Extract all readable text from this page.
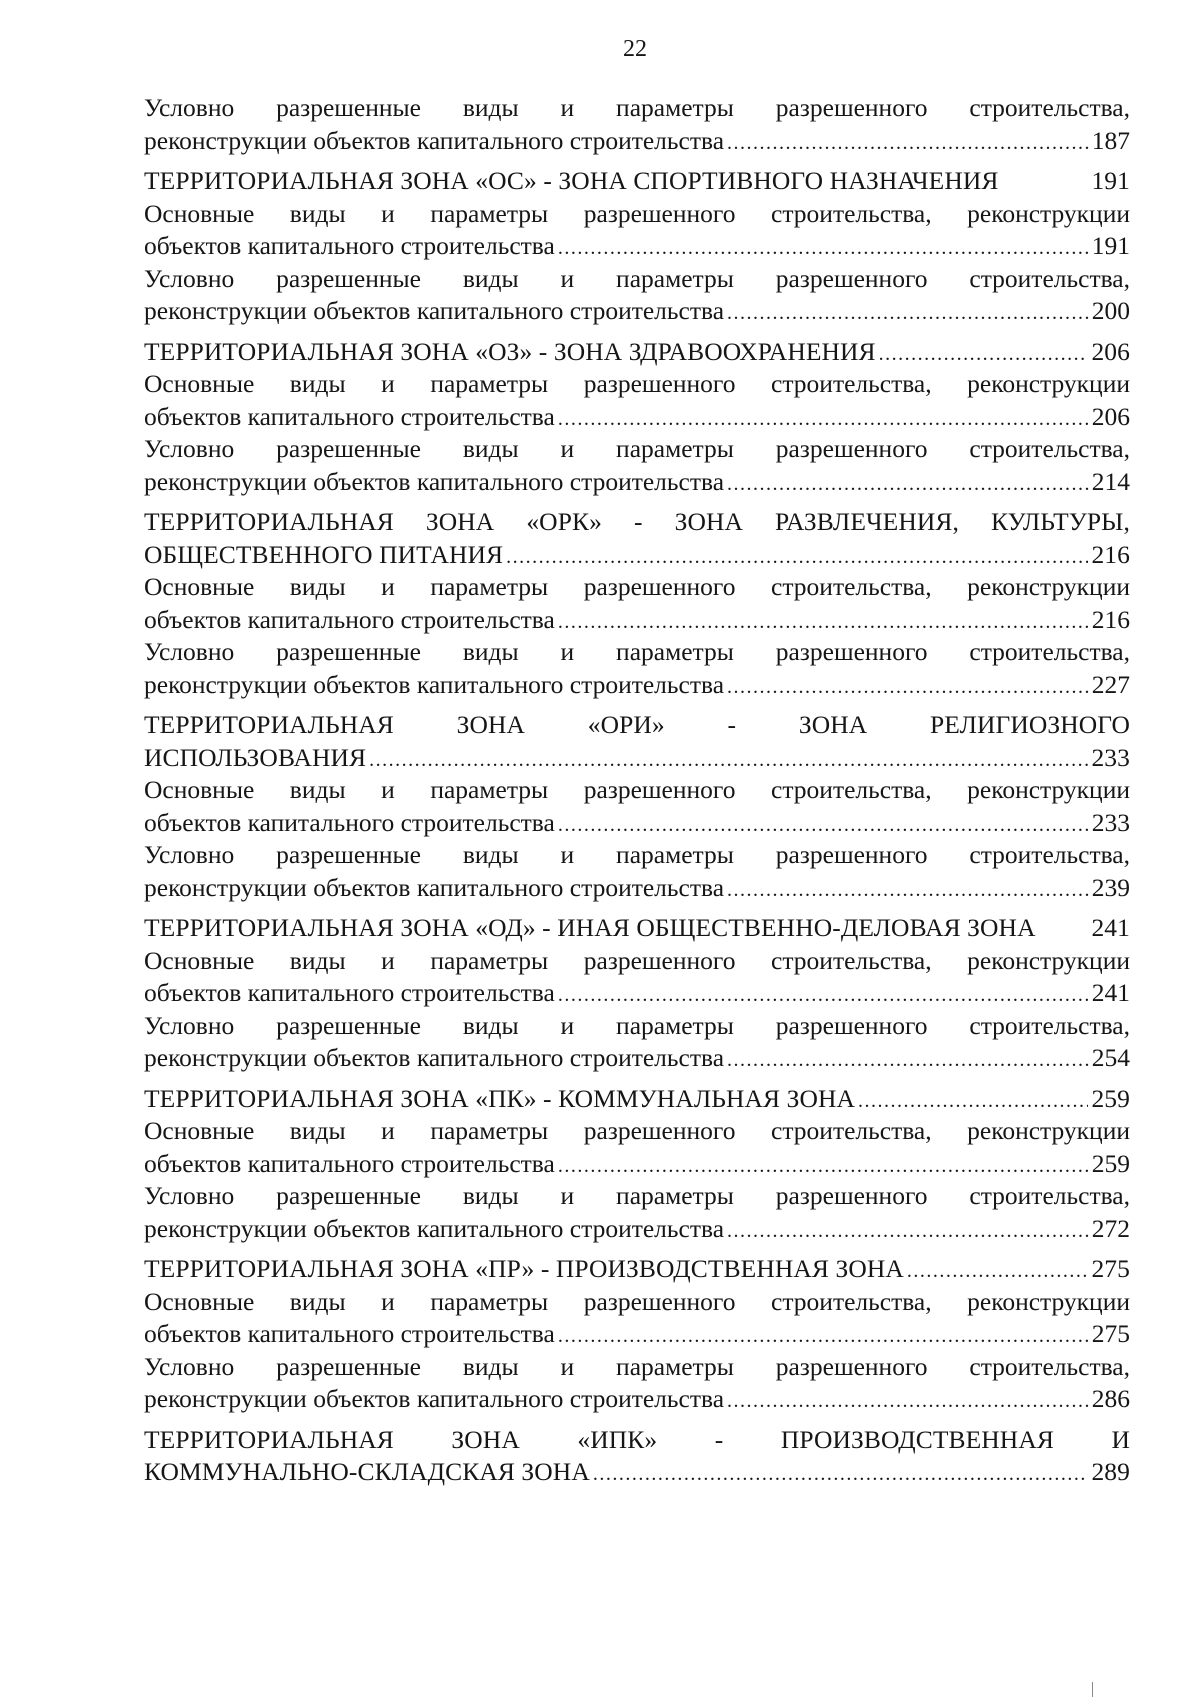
22
Условно разрешенные виды и параметры разрешенного строительства,
реконструкции объектов капитального строительства .....	187
ТЕРРИТОРИАЛЬНАЯ ЗОНА «ОС» - ЗОНА СПОРТИВНОГО НАЗНАЧЕНИЯ	191
Основные виды и параметры разрешенного строительства, реконструкции
объектов капитального строительства .....	191
Условно разрешенные виды и параметры разрешенного строительства,
реконструкции объектов капитального строительства .....	200
ТЕРРИТОРИАЛЬНАЯ ЗОНА «ОЗ» - ЗОНА ЗДРАВООХРАНЕНИЯ .....	206
Основные виды и параметры разрешенного строительства, реконструкции
объектов капитального строительства .....	206
Условно разрешенные виды и параметры разрешенного строительства,
реконструкции объектов капитального строительства .....	214
ТЕРРИТОРИАЛЬНАЯ ЗОНА «ОРК» - ЗОНА РАЗВЛЕЧЕНИЯ, КУЛЬТУРЫ,
ОБЩЕСТВЕННОГО ПИТАНИЯ .....	216
Основные виды и параметры разрешенного строительства, реконструкции
объектов капитального строительства .....	216
Условно разрешенные виды и параметры разрешенного строительства,
реконструкции объектов капитального строительства .....	227
ТЕРРИТОРИАЛЬНАЯ ЗОНА «ОРИ» - ЗОНА РЕЛИГИОЗНОГО
ИСПОЛЬЗОВАНИЯ .....	233
Основные виды и параметры разрешенного строительства, реконструкции
объектов капитального строительства .....	233
Условно разрешенные виды и параметры разрешенного строительства,
реконструкции объектов капитального строительства .....	239
ТЕРРИТОРИАЛЬНАЯ ЗОНА «ОД» - ИНАЯ ОБЩЕСТВЕННО-ДЕЛОВАЯ ЗОНА 241
Основные виды и параметры разрешенного строительства, реконструкции
объектов капитального строительства .....	241
Условно разрешенные виды и параметры разрешенного строительства,
реконструкции объектов капитального строительства .....	254
ТЕРРИТОРИАЛЬНАЯ ЗОНА «ПК» - КОММУНАЛЬНАЯ ЗОНА .....	259
Основные виды и параметры разрешенного строительства, реконструкции
объектов капитального строительства .....	259
Условно разрешенные виды и параметры разрешенного строительства,
реконструкции объектов капитального строительства .....	272
ТЕРРИТОРИАЛЬНАЯ ЗОНА «ПР» - ПРОИЗВОДСТВЕННАЯ ЗОНА .....	275
Основные виды и параметры разрешенного строительства, реконструкции
объектов капитального строительства .....	275
Условно разрешенные виды и параметры разрешенного строительства,
реконструкции объектов капитального строительства .....	286
ТЕРРИТОРИАЛЬНАЯ ЗОНА «ИПК» - ПРОИЗВОДСТВЕННАЯ И
КОММУНАЛЬНО-СКЛАДСКАЯ ЗОНА .....	289
